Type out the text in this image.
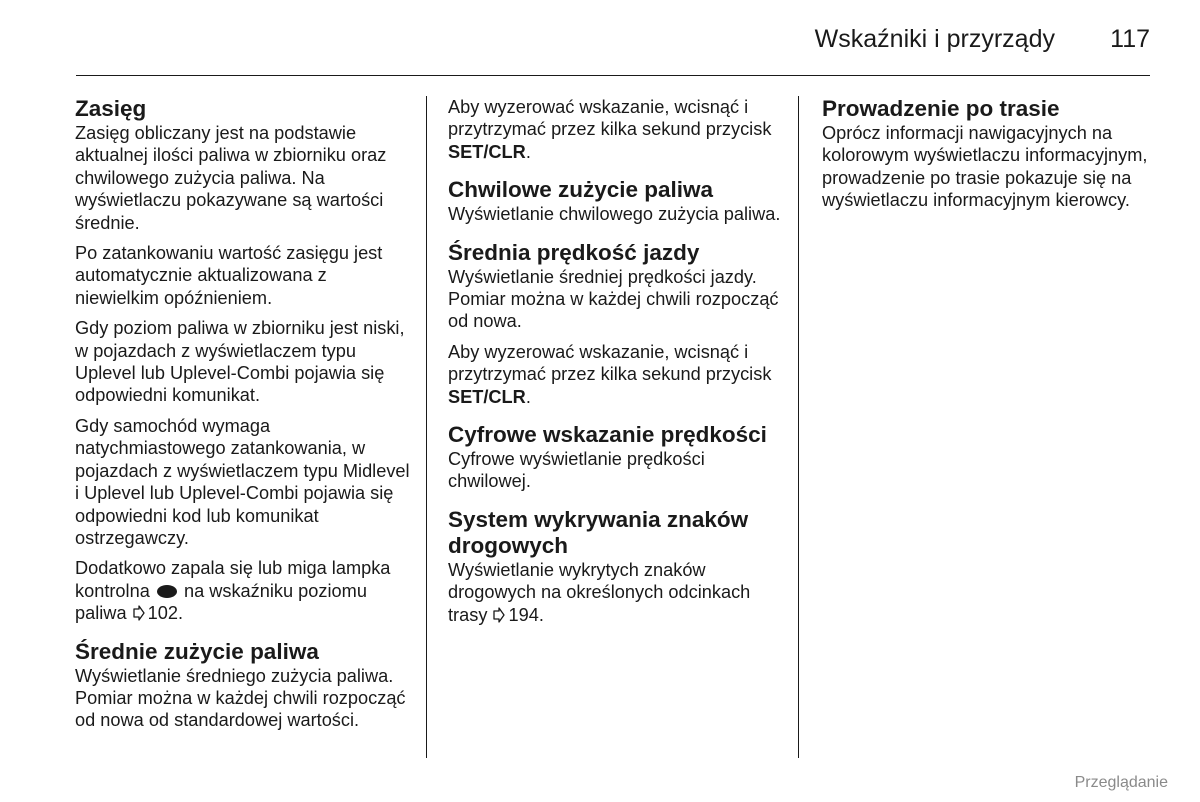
Wskaźniki i przyrządy 117
Zasięg

Zasięg obliczany jest na podstawie aktualnej ilości paliwa w zbiorniku oraz chwilowego zużycia paliwa. Na wyświetlaczu pokazywane są wartości średnie.

Po zatankowaniu wartość zasięgu jest automatycznie aktualizowana z niewielkim opóźnieniem.

Gdy poziom paliwa w zbiorniku jest niski, w pojazdach z wyświetlaczem typu Uplevel lub Uplevel-Combi pojawia się odpowiedni komunikat.

Gdy samochód wymaga natychmiastowego zatankowania, w pojazdach z wyświetlaczem typu Midlevel i Uplevel lub Uplevel-Combi pojawia się odpowiedni kod lub komunikat ostrzegawczy.

Dodatkowo zapala się lub miga lampka kontrolna na wskaźniku poziomu paliwa 102.

Średnie zużycie paliwa

Wyświetlanie średniego zużycia paliwa. Pomiar można w każdej chwili rozpocząć od nowa od standardowej wartości.

Aby wyzerować wskazanie, wcisnąć i przytrzymać przez kilka sekund przycisk SET/CLR.

Chwilowe zużycie paliwa

Wyświetlanie chwilowego zużycia paliwa.

Średnia prędkość jazdy

Wyświetlanie średniej prędkości jazdy. Pomiar można w każdej chwili rozpocząć od nowa.

Aby wyzerować wskazanie, wcisnąć i przytrzymać przez kilka sekund przycisk SET/CLR.

Cyfrowe wskazanie prędkości

Cyfrowe wyświetlanie prędkości chwilowej.

System wykrywania znaków drogowych

Wyświetlanie wykrytych znaków drogowych na określonych odcinkach trasy 194.

Prowadzenie po trasie

Oprócz informacji nawigacyjnych na kolorowym wyświetlaczu informacyjnym, prowadzenie po trasie pokazuje się na wyświetlaczu informacyjnym kierowcy.

Przeglądanie
